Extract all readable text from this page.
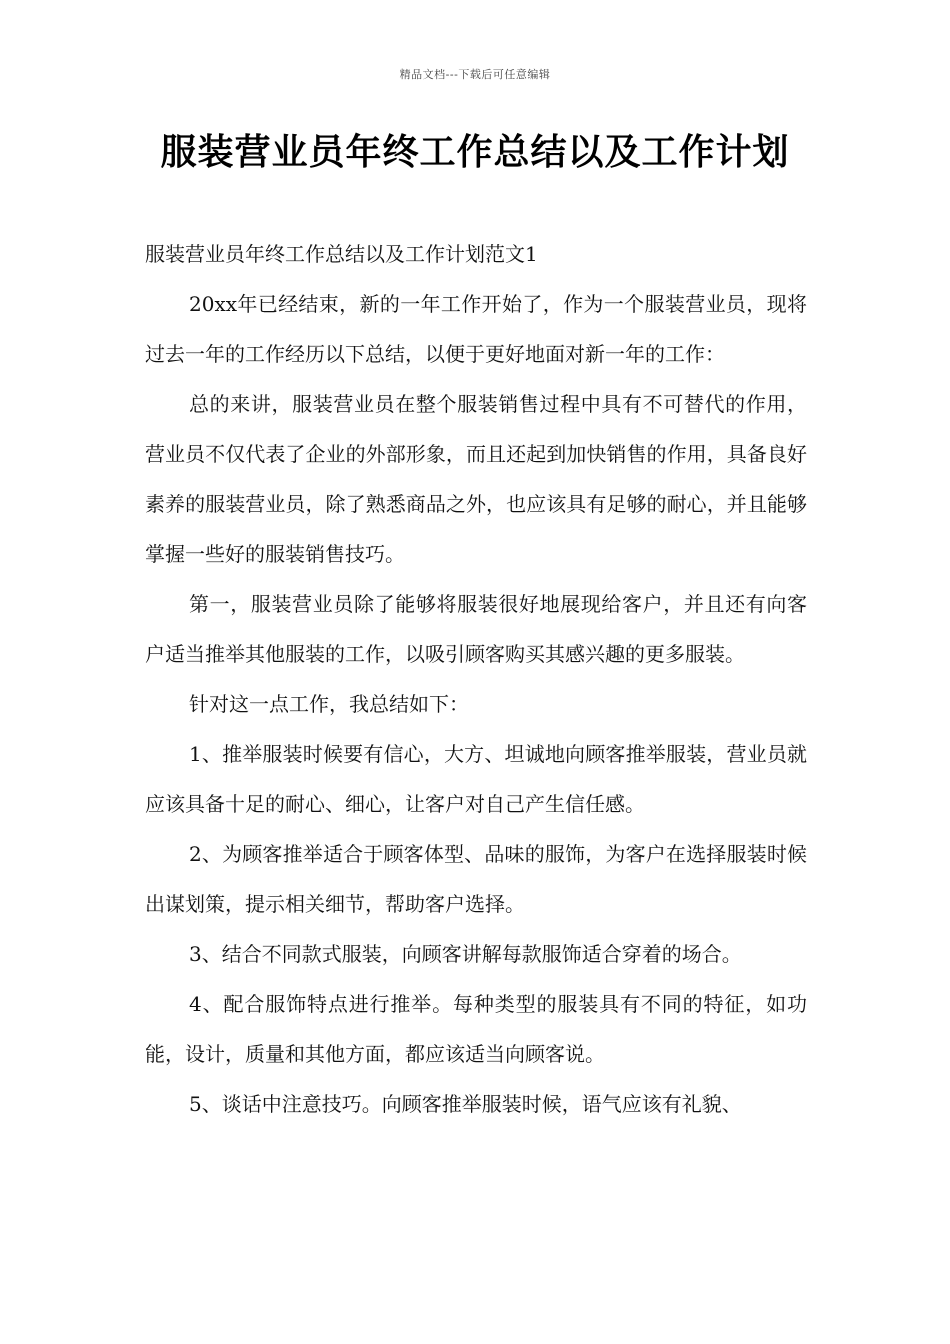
精品文档---下载后可任意编辑
服装营业员年终工作总结以及工作计划

服装营业员年终工作总结以及工作计划范文1

20xx年已经结束，新的一年工作开始了，作为一个服装营业员，现将过去一年的工作经历以下总结，以便于更好地面对新一年的工作：

总的来讲，服装营业员在整个服装销售过程中具有不可替代的作用，营业员不仅代表了企业的外部形象，而且还起到加快销售的作用，具备良好素养的服装营业员，除了熟悉商品之外，也应该具有足够的耐心，并且能够掌握一些好的服装销售技巧。

第一，服装营业员除了能够将服装很好地展现给客户，并且还有向客户适当推举其他服装的工作，以吸引顾客购买其感兴趣的更多服装。

针对这一点工作，我总结如下：

1、推举服装时候要有信心，大方、坦诚地向顾客推举服装，营业员就应该具备十足的耐心、细心，让客户对自己产生信任感。

2、为顾客推举适合于顾客体型、品味的服饰，为客户在选择服装时候出谋划策，提示相关细节，帮助客户选择。

3、结合不同款式服装，向顾客讲解每款服饰适合穿着的场合。

4、配合服饰特点进行推举。每种类型的服装具有不同的特征，如功能，设计，质量和其他方面，都应该适当向顾客说。

5、谈话中注意技巧。向顾客推举服装时候，语气应该有礼貌、
